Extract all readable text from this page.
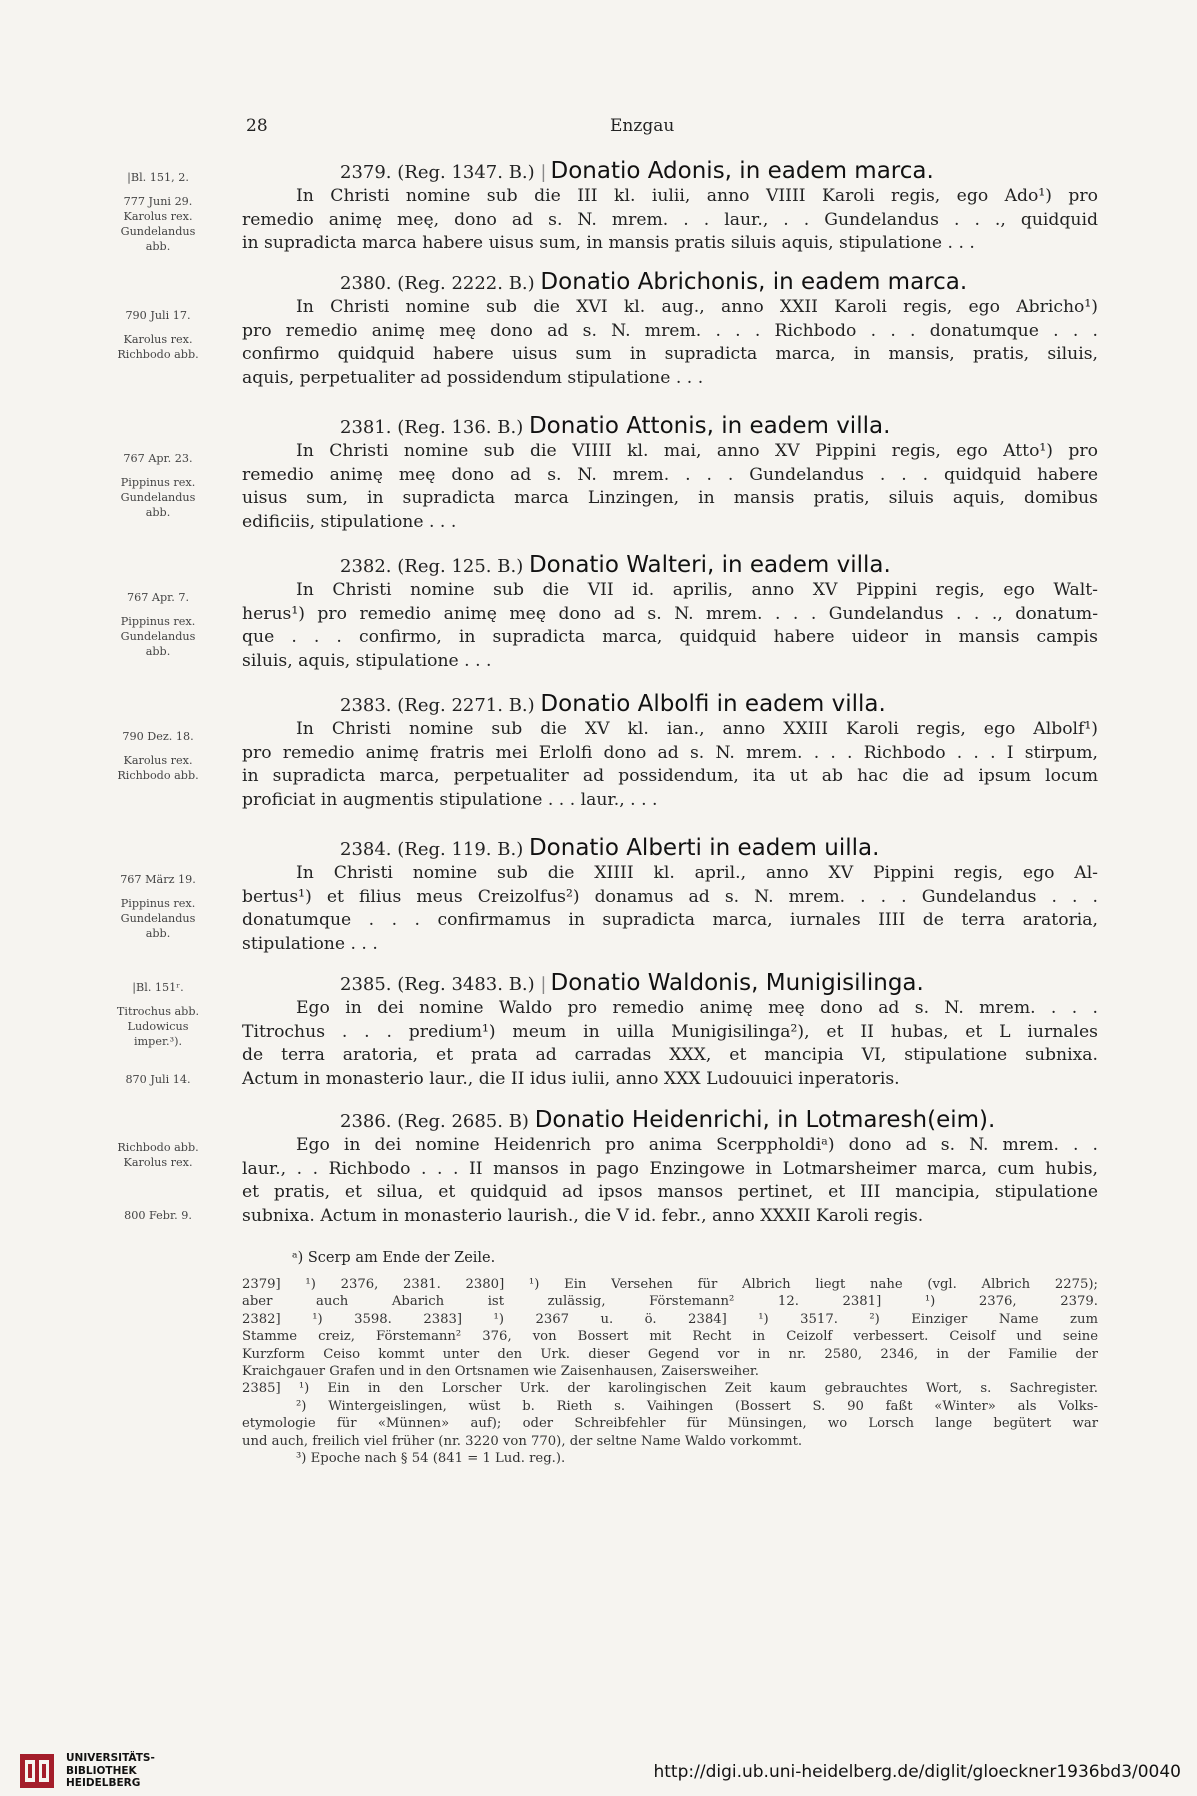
28	Enzgau
2379. (Reg. 1347. B.) | Donatio Adonis, in eadem marca.
In Christi nomine sub die III kl. iulii, anno VIIII Karoli regis, ego Ado¹) pro
remedio animę meę, dono ad s. N. mrem. . . laur., . . Gundelandus . . ., quidquid
in supradicta marca habere uisus sum, in mansis pratis siluis aquis, stipulatione . . .
|Bl. 151, 2.
777 Juni 29.
Karolus rex.
Gundelandus
abb.
2380. (Reg. 2222. B.) Donatio Abrichonis, in eadem marca.
In Christi nomine sub die XVI kl. aug., anno XXII Karoli regis, ego Abricho¹)
pro remedio animę meę dono ad s. N. mrem. . . . Richbodo . . . donatumque . . .
confirmo quidquid habere uisus sum in supradicta marca, in mansis, pratis, siluis,
aquis, perpetualiter ad possidendum stipulatione . . .
790 Juli 17.
Karolus rex.
Richbodo abb.
2381. (Reg. 136. B.) Donatio Attonis, in eadem villa.
In Christi nomine sub die VIIII kl. mai, anno XV Pippini regis, ego Atto¹) pro
remedio animę meę dono ad s. N. mrem. . . . Gundelandus . . . quidquid habere
uisus sum, in supradicta marca Linzingen, in mansis pratis, siluis aquis, domibus
edificiis, stipulatione . . .
767 Apr. 23.
Pippinus rex.
Gundelandus
abb.
2382. (Reg. 125. B.) Donatio Walteri, in eadem villa.
In Christi nomine sub die VII id. aprilis, anno XV Pippini regis, ego Walt-
herus¹) pro remedio animę meę dono ad s. N. mrem. . . . Gundelandus . . ., donatum-
que . . . confirmo, in supradicta marca, quidquid habere uideor in mansis campis
siluis, aquis, stipulatione . . .
767 Apr. 7.
Pippinus rex.
Gundelandus
abb.
2383. (Reg. 2271. B.) Donatio Albolfi in eadem villa.
In Christi nomine sub die XV kl. ian., anno XXIII Karoli regis, ego Albolf¹)
pro remedio animę fratris mei Erlolfi dono ad s. N. mrem. . . . Richbodo . . . I stirpum,
in supradicta marca, perpetualiter ad possidendum, ita ut ab hac die ad ipsum locum
proficiat in augmentis stipulatione . . . laur., . . .
790 Dez. 18.
Karolus rex.
Richbodo abb.
2384. (Reg. 119. B.) Donatio Alberti in eadem uilla.
In Christi nomine sub die XIIII kl. april., anno XV Pippini regis, ego Al-
bertus¹) et filius meus Creizolfus²) donamus ad s. N. mrem. . . . Gundelandus . . .
donatumque . . . confirmamus in supradicta marca, iurnales IIII de terra aratoria,
stipulatione . . .
767 März 19.
Pippinus rex.
Gundelandus
abb.
2385. (Reg. 3483. B.) | Donatio Waldonis, Munigisilinga.
Ego in dei nomine Waldo pro remedio animę meę dono ad s. N. mrem. . . .
Titrochus . . . predium¹) meum in uilla Munigisilinga²), et II hubas, et L iurnales
de terra aratoria, et prata ad carradas XXX, et mancipia VI, stipulatione subnixa.
Actum in monasterio laur., die II idus iulii, anno XXX Ludouuici inperatoris.
|Bl. 151ʳ.
Titrochus abb.
Ludowicus
imper.³).
870 Juli 14.
2386. (Reg. 2685. B) Donatio Heidenrichi, in Lotmaresh(eim).
Ego in dei nomine Heidenrich pro anima Scerppholdiᵃ) dono ad s. N. mrem. . .
laur., . . Richbodo . . . II mansos in pago Enzingowe in Lotmarsheimer marca, cum hubis,
et pratis, et silua, et quidquid ad ipsos mansos pertinet, et III mancipia, stipulatione
subnixa. Actum in monasterio laurish., die V id. febr., anno XXXII Karoli regis.
Richbodo abb.
Karolus rex.
800 Febr. 9.
ᵃ) Scerp am Ende der Zeile.
2379] ¹) 2376, 2381. 2380] ¹) Ein Versehen für Albrich liegt nahe (vgl. Albrich 2275);
aber auch Abarich ist zulässig, Förstemann² 12. 2381] ¹) 2376, 2379.
2382] ¹) 3598. 2383] ¹) 2367 u. ö. 2384] ¹) 3517. ²) Einziger Name zum
Stamme creiz, Förstemann² 376, von Bossert mit Recht in Ceizolf verbessert. Ceisolf und seine
Kurzform Ceiso kommt unter den Urk. dieser Gegend vor in nr. 2580, 2346, in der Familie der
Kraichgauer Grafen und in den Ortsnamen wie Zaisenhausen, Zaisersweiher.
2385] ¹) Ein in den Lorscher Urk. der karolingischen Zeit kaum gebrauchtes Wort, s. Sachregister.
²) Wintergeislingen, wüst b. Rieth s. Vaihingen (Bossert S. 90 faßt «Winter» als Volks-
etymologie für «Münnen» auf); oder Schreibfehler für Münsingen, wo Lorsch lange begütert war
und auch, freilich viel früher (nr. 3220 von 770), der seltne Name Waldo vorkommt.
³) Epoche nach § 54 (841 = 1 Lud. reg.).
UNIVERSITÄTS-
BIBLIOTHEK
HEIDELBERG
http://digi.ub.uni-heidelberg.de/diglit/gloeckner1936bd3/0040
